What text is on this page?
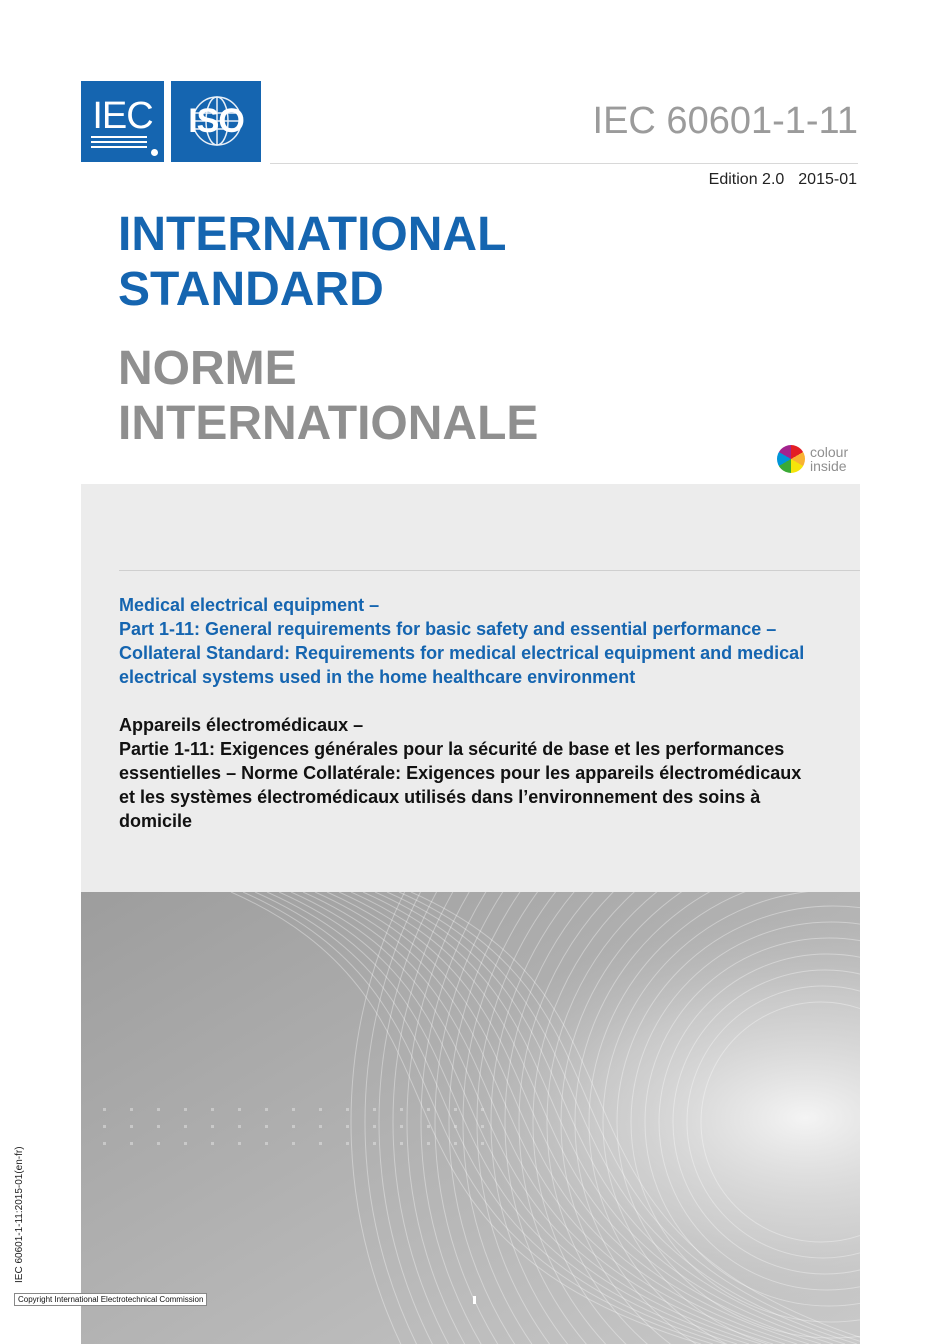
IEC ISO	IEC 60601-1-11
Edition 2.0 2015-01
INTERNATIONAL
STANDARD
NORME
INTERNATIONALE
colour
inside
Medical electrical equipment –
Part 1-11: General requirements for basic safety and essential performance –
Collateral Standard: Requirements for medical electrical equipment and medical
electrical systems used in the home healthcare environment
Appareils électromédicaux –
Partie 1-11: Exigences générales pour la sécurité de base et les performances
essentielles – Norme Collatérale: Exigences pour les appareils électromédicaux
et les systèmes électromédicaux utilisés dans l’environnement des soins à
domicile
IEC 60601-1-11:2015-01(en-fr)
Copyright International Electrotechnical Commission
